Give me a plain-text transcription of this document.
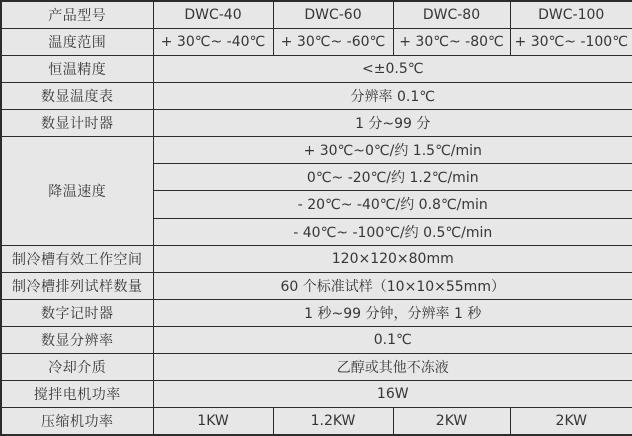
产品型号	DWC-40	DWC-60	DWC-80	DWC-100
温度范围	+ 30℃~ -40℃	+ 30℃~ -60℃	+ 30℃~ -80℃	+ 30℃~ -100℃
恒温精度	<±0.5℃			
数显温度表	分辨率 0.1℃			
数显计时器	1 分~99 分			
降温速度	+ 30℃~0℃/约 1.5℃/min			
	0℃~ -20℃/约 1.2℃/min			
	- 20℃~ -40℃/约 0.8℃/min			
	- 40℃~ -100℃/约 0.5℃/min			
制冷槽有效工作空间	120×120×80mm			
制冷槽排列试样数量	60 个标准试样（10×10×55mm）			
数字记时器	1 秒~99 分钟，分辨率 1 秒			
数显分辨率	0.1℃			
冷却介质	乙醇或其他不冻液			
搅拌电机功率	16W			
压缩机功率	1KW	1.2KW	2KW	2KW
